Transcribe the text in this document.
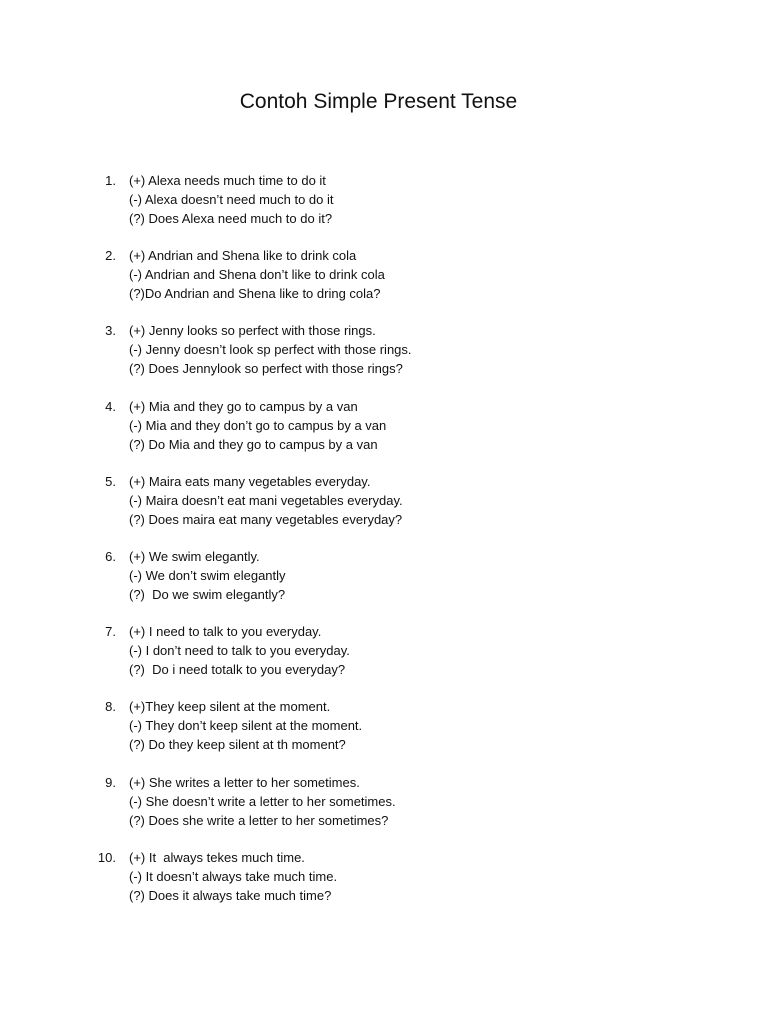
Contoh Simple Present Tense
1. (+) Alexa needs much time to do it
(-) Alexa doesn’t need much to do it
(?) Does Alexa need much to do it?
2. (+) Andrian and Shena like to drink cola
(-) Andrian and Shena don’t like to drink cola
(?)Do Andrian and Shena like to dring cola?
3. (+) Jenny looks so perfect with those rings.
(-) Jenny doesn’t look sp perfect with those rings.
(?) Does Jennylook so perfect with those rings?
4. (+) Mia and they go to campus by a van
(-) Mia and they don’t go to campus by a van
(?) Do Mia and they go to campus by a van
5. (+) Maira eats many vegetables everyday.
(-) Maira doesn’t eat mani vegetables everyday.
(?) Does maira eat many vegetables everyday?
6. (+) We swim elegantly.
(-) We don’t swim elegantly
(?)  Do we swim elegantly?
7. (+) I need to talk to you everyday.
(-) I don’t need to talk to you everyday.
(?)  Do i need totalk to you everyday?
8. (+)They keep silent at the moment.
(-) They don’t keep silent at the moment.
(?) Do they keep silent at th moment?
9. (+) She writes a letter to her sometimes.
(-) She doesn’t write a letter to her sometimes.
(?) Does she write a letter to her sometimes?
10. (+) It  always tekes much time.
(-) It doesn’t always take much time.
(?) Does it always take much time?
